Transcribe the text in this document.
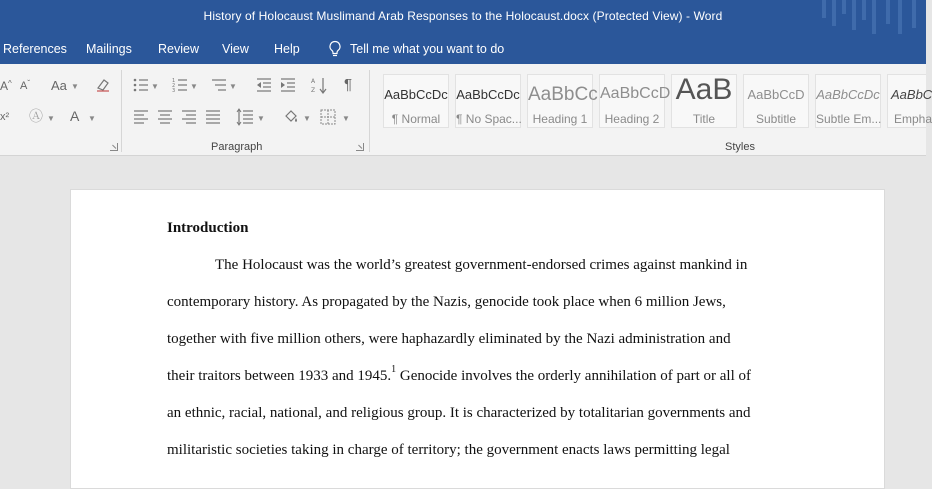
History of Holocaust Muslimand Arab Responses to the Holocaust.docx (Protected View) - Word
References Mailings Review View Help	Tell me what you want to do
A^ $A^ˇ$ Aa ▼
x² Ⓐ ▼ A ▼
▼
1
2
3 ▼	▼
A
Z ¶
▼	▼	▼
Paragraph
AaBbCcDc
¶ Normal
AaBbCcDc
¶ No Spac...
AaBbCc
Heading 1
AaBbCcD
Heading 2
AaB
Title
AaBbCcD
Subtitle
AaBbCcDc
Subtle Em...
AaBbC
Empha
Styles
Introduction
The Holocaust was the world’s greatest government-endorsed crimes against mankind in
contemporary history. As propagated by the Nazis, genocide took place when 6 million Jews,
together with five million others, were haphazardly eliminated by the Nazi administration and
their traitors between 1933 and 1945.$^1$ Genocide involves the orderly annihilation of part or all of
an ethnic, racial, national, and religious group. It is characterized by totalitarian governments and
militaristic societies taking in charge of territory; the government enacts laws permitting legal
